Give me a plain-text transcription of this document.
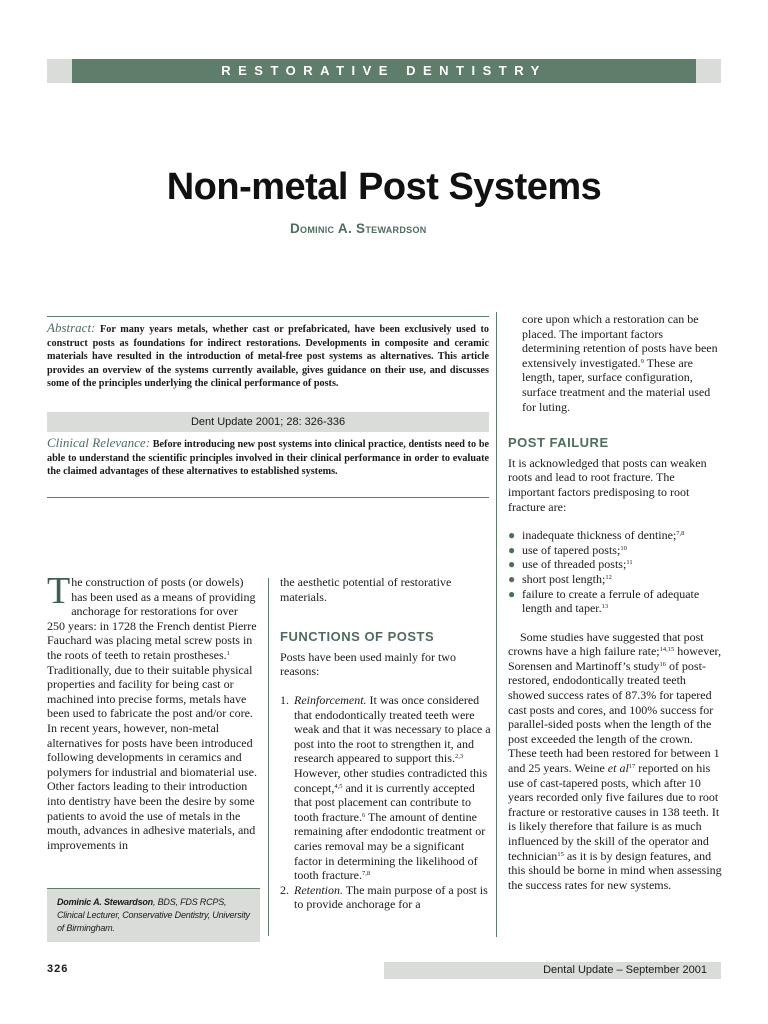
RESTORATIVE DENTISTRY
Non-metal Post Systems
Dominic A. Stewardson
Abstract: For many years metals, whether cast or prefabricated, have been exclusively used to construct posts as foundations for indirect restorations. Developments in composite and ceramic materials have resulted in the introduction of metal-free post systems as alternatives. This article provides an overview of the systems currently available, gives guidance on their use, and discusses some of the principles underlying the clinical performance of posts.
Dent Update 2001; 28: 326-336
Clinical Relevance: Before introducing new post systems into clinical practice, dentists need to be able to understand the scientific principles involved in their clinical performance in order to evaluate the claimed advantages of these alternatives to established systems.

The construction of posts (or dowels) has been used as a means of providing anchorage for restorations for over 250 years: in 1728 the French dentist Pierre Fauchard was placing metal screw posts in the roots of teeth to retain prostheses.$^1$ Traditionally, due to their suitable physical properties and facility for being cast or machined into precise forms, metals have been used to fabricate the post and/or core. In recent years, however, non-metal alternatives for posts have been introduced following developments in ceramics and polymers for industrial and biomaterial use. Other factors leading to their introduction into dentistry have been the desire by some patients to avoid the use of metals in the mouth, advances in adhesive materials, and improvements in

Dominic A. Stewardson, BDS, FDS RCPS, Clinical Lecturer, Conservative Dentistry, University of Birmingham.

the aesthetic potential of restorative materials.

FUNCTIONS OF POSTS

Posts have been used mainly for two reasons:

1. Reinforcement. It was once considered that endodontically treated teeth were weak and that it was necessary to place a post into the root to strengthen it, and research appeared to support this.$^{2,3}$ However, other studies contradicted this concept,$^{4,5}$ and it is currently accepted that post placement can contribute to tooth fracture.$^6$ The amount of dentine remaining after endodontic treatment or caries removal may be a significant factor in determining the likelihood of tooth fracture.$^{7,8}$
2. Retention. The main purpose of a post is to provide anchorage for a

core upon which a restoration can be placed. The important factors determining retention of posts have been extensively investigated.$^9$ These are length, taper, surface configuration, surface treatment and the material used for luting.

POST FAILURE

It is acknowledged that posts can weaken roots and lead to root fracture. The important factors predisposing to root fracture are:

● inadequate thickness of dentine;$^{7,8}$
● use of tapered posts;$^{10}$
● use of threaded posts;$^{11}$
● short post length;$^{12}$
● failure to create a ferrule of adequate length and taper.$^{13}$

Some studies have suggested that post crowns have a high failure rate;$^{14,15}$ however, Sorensen and Martinoff’s study$^{16}$ of post-restored, endodontically treated teeth showed success rates of 87.3% for tapered cast posts and cores, and 100% success for parallel-sided posts when the length of the post exceeded the length of the crown. These teeth had been restored for between 1 and 25 years. Weine et $al^{17}$ reported on his use of cast-tapered posts, which after 10 years recorded only five failures due to root fracture or restorative causes in 138 teeth. It is likely therefore that failure is as much influenced by the skill of the operator and technician$^{15}$ as it is by design features, and this should be borne in mind when assessing the success rates for new systems.

326	Dental Update – September 2001
